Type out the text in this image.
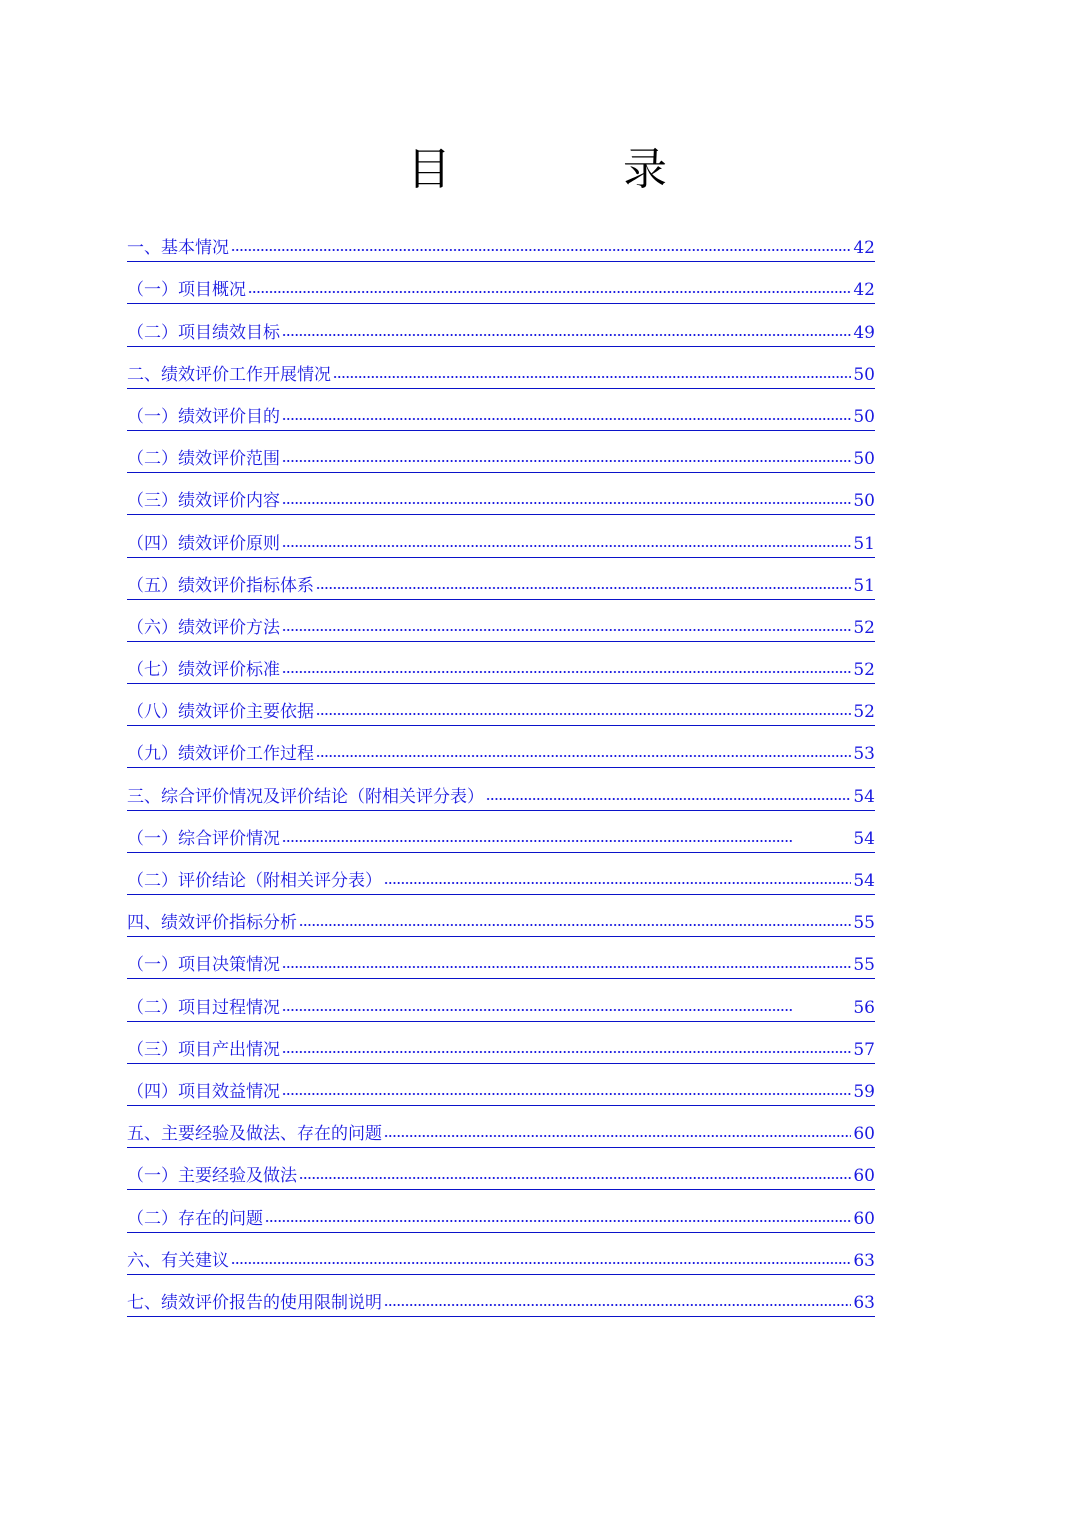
目　录
一、基本情况	42
（一）项目概况	42
（二）项目绩效目标	49
二、绩效评价工作开展情况	50
（一）绩效评价目的	50
（二）绩效评价范围	50
（三）绩效评价内容	50
（四）绩效评价原则	51
（五）绩效评价指标体系	51
（六）绩效评价方法	52
（七）绩效评价标准	52
（八）绩效评价主要依据	52
（九）绩效评价工作过程	53
三、综合评价情况及评价结论（附相关评分表）	54
（一）综合评价情况	54
（二）评价结论（附相关评分表）	54
四、绩效评价指标分析	55
（一）项目决策情况	55
（二）项目过程情况	56
（三）项目产出情况	57
（四）项目效益情况	59
五、主要经验及做法、存在的问题	60
（一）主要经验及做法	60
（二）存在的问题	60
六、有关建议	63
七、绩效评价报告的使用限制说明	63
